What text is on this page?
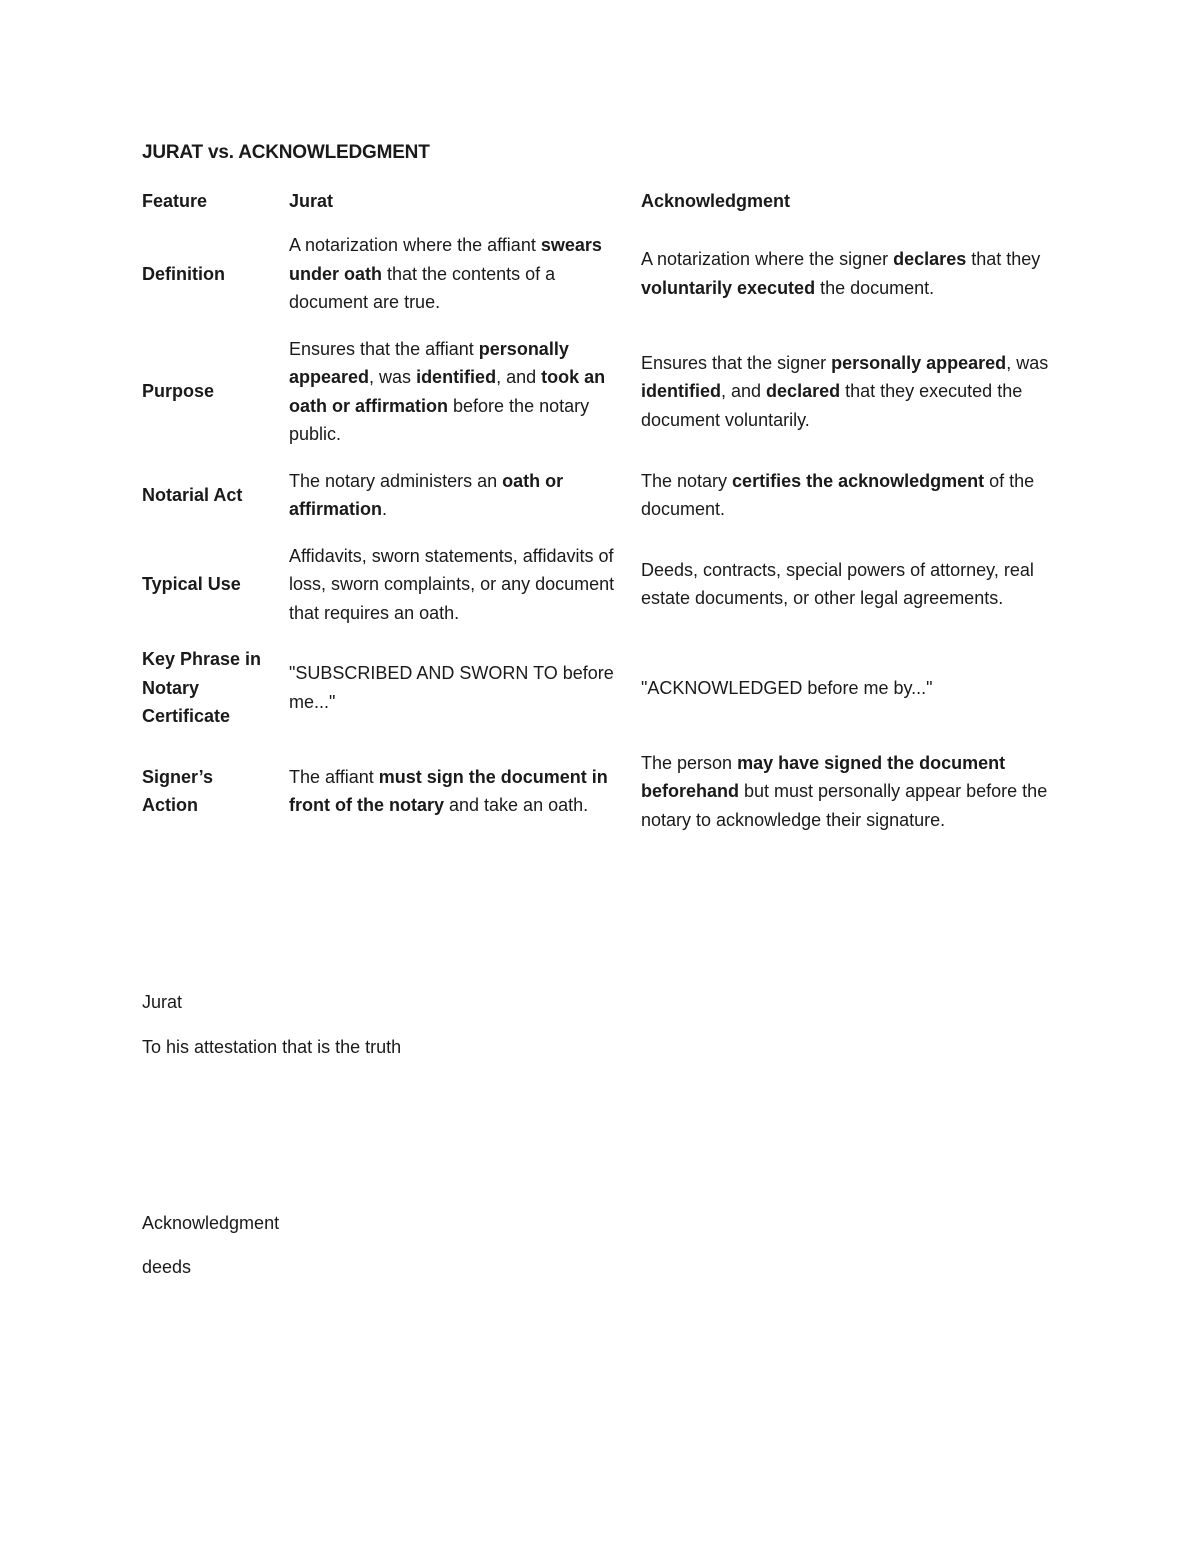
JURAT vs. ACKNOWLEDGMENT
Feature	Jurat	Acknowledgment
Definition	A notarization where the affiant swears under oath that the contents of a document are true.	A notarization where the signer declares that they voluntarily executed the document.
Purpose	Ensures that the affiant personally appeared, was identified, and took an oath or affirmation before the notary public.	Ensures that the signer personally appeared, was identified, and declared that they executed the document voluntarily.
Notarial Act	The notary administers an oath or affirmation.	The notary certifies the acknowledgment of the document.
Typical Use	Affidavits, sworn statements, affidavits of loss, sworn complaints, or any document that requires an oath.	Deeds, contracts, special powers of attorney, real estate documents, or other legal agreements.
Key Phrase in Notary Certificate	"SUBSCRIBED AND SWORN TO before me..."	"ACKNOWLEDGED before me by..."
Signer’s Action	The affiant must sign the document in front of the notary and take an oath.	The person may have signed the document beforehand but must personally appear before the notary to acknowledge their signature.
Jurat
To his attestation that is the truth
Acknowledgment
deeds
